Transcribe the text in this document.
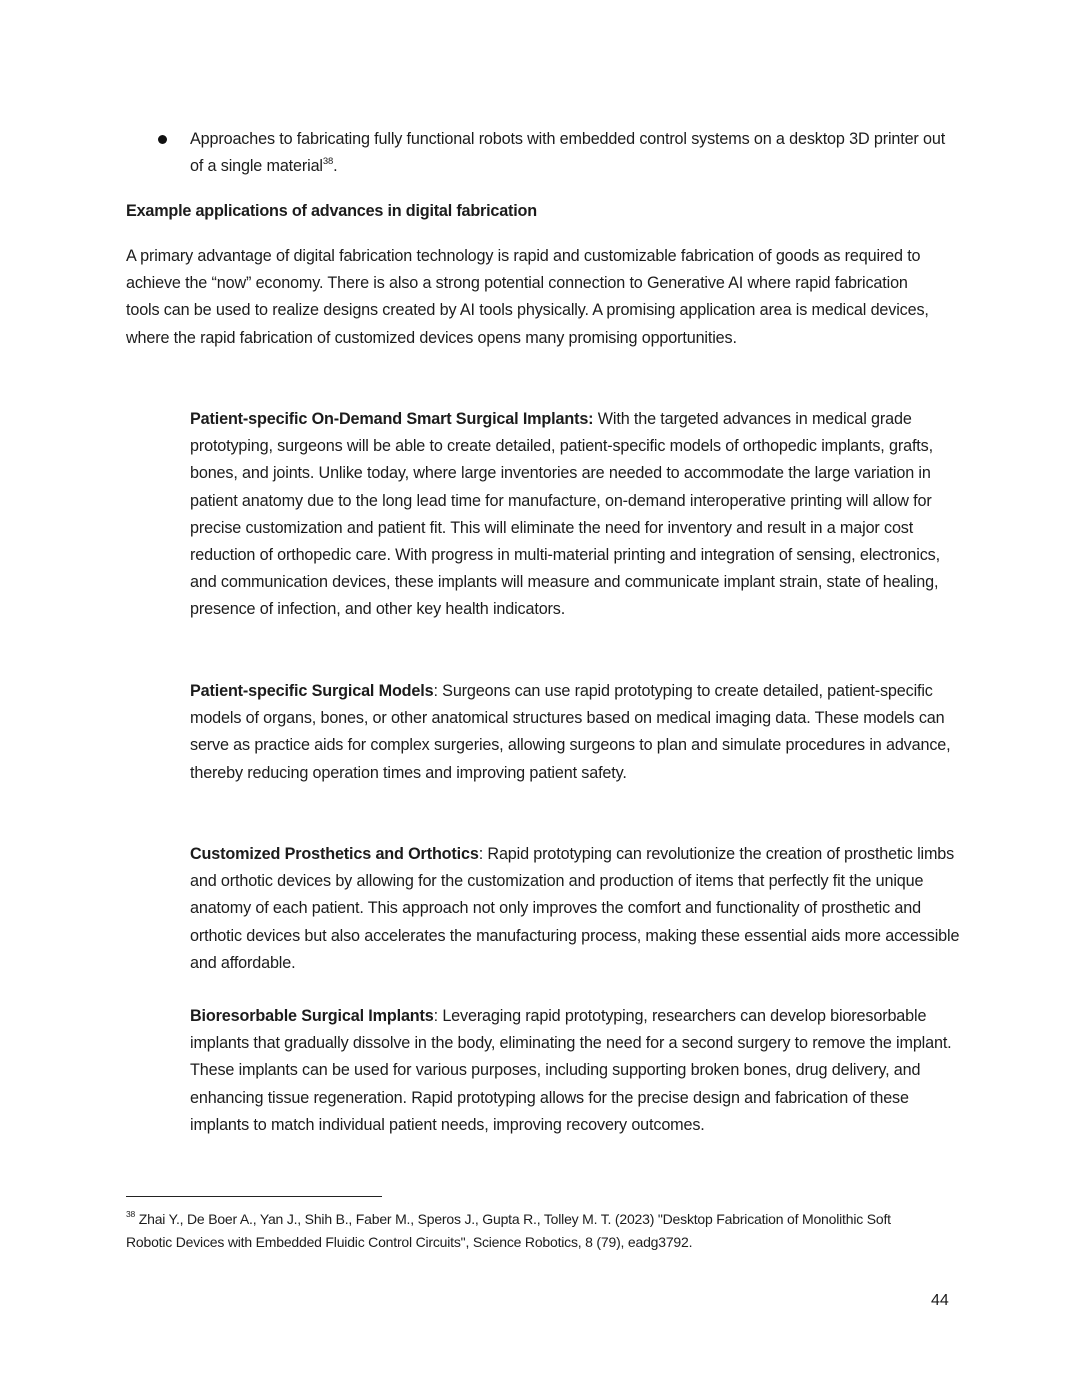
Approaches to fabricating fully functional robots with embedded control systems on a desktop 3D printer out of a single material$^{38}$.
Example applications of advances in digital fabrication
A primary advantage of digital fabrication technology is rapid and customizable fabrication of goods as required to achieve the “now” economy. There is also a strong potential connection to Generative AI where rapid fabrication tools can be used to realize designs created by AI tools physically. A promising application area is medical devices, where the rapid fabrication of customized devices opens many promising opportunities.
Patient-specific On-Demand Smart Surgical Implants: With the targeted advances in medical grade prototyping, surgeons will be able to create detailed, patient-specific models of orthopedic implants, grafts, bones, and joints. Unlike today, where large inventories are needed to accommodate the large variation in patient anatomy due to the long lead time for manufacture, on-demand interoperative printing will allow for precise customization and patient fit. This will eliminate the need for inventory and result in a major cost reduction of orthopedic care. With progress in multi-material printing and integration of sensing, electronics, and communication devices, these implants will measure and communicate implant strain, state of healing, presence of infection, and other key health indicators.
Patient-specific Surgical Models: Surgeons can use rapid prototyping to create detailed, patient-specific models of organs, bones, or other anatomical structures based on medical imaging data. These models can serve as practice aids for complex surgeries, allowing surgeons to plan and simulate procedures in advance, thereby reducing operation times and improving patient safety.
Customized Prosthetics and Orthotics: Rapid prototyping can revolutionize the creation of prosthetic limbs and orthotic devices by allowing for the customization and production of items that perfectly fit the unique anatomy of each patient. This approach not only improves the comfort and functionality of prosthetic and orthotic devices but also accelerates the manufacturing process, making these essential aids more accessible and affordable.
Bioresorbable Surgical Implants: Leveraging rapid prototyping, researchers can develop bioresorbable implants that gradually dissolve in the body, eliminating the need for a second surgery to remove the implant. These implants can be used for various purposes, including supporting broken bones, drug delivery, and enhancing tissue regeneration. Rapid prototyping allows for the precise design and fabrication of these implants to match individual patient needs, improving recovery outcomes.
$^{38}$ Zhai Y., De Boer A., Yan J., Shih B., Faber M., Speros J., Gupta R., Tolley M. T. (2023) "Desktop Fabrication of Monolithic Soft Robotic Devices with Embedded Fluidic Control Circuits", Science Robotics, 8 (79), eadg3792.
44
